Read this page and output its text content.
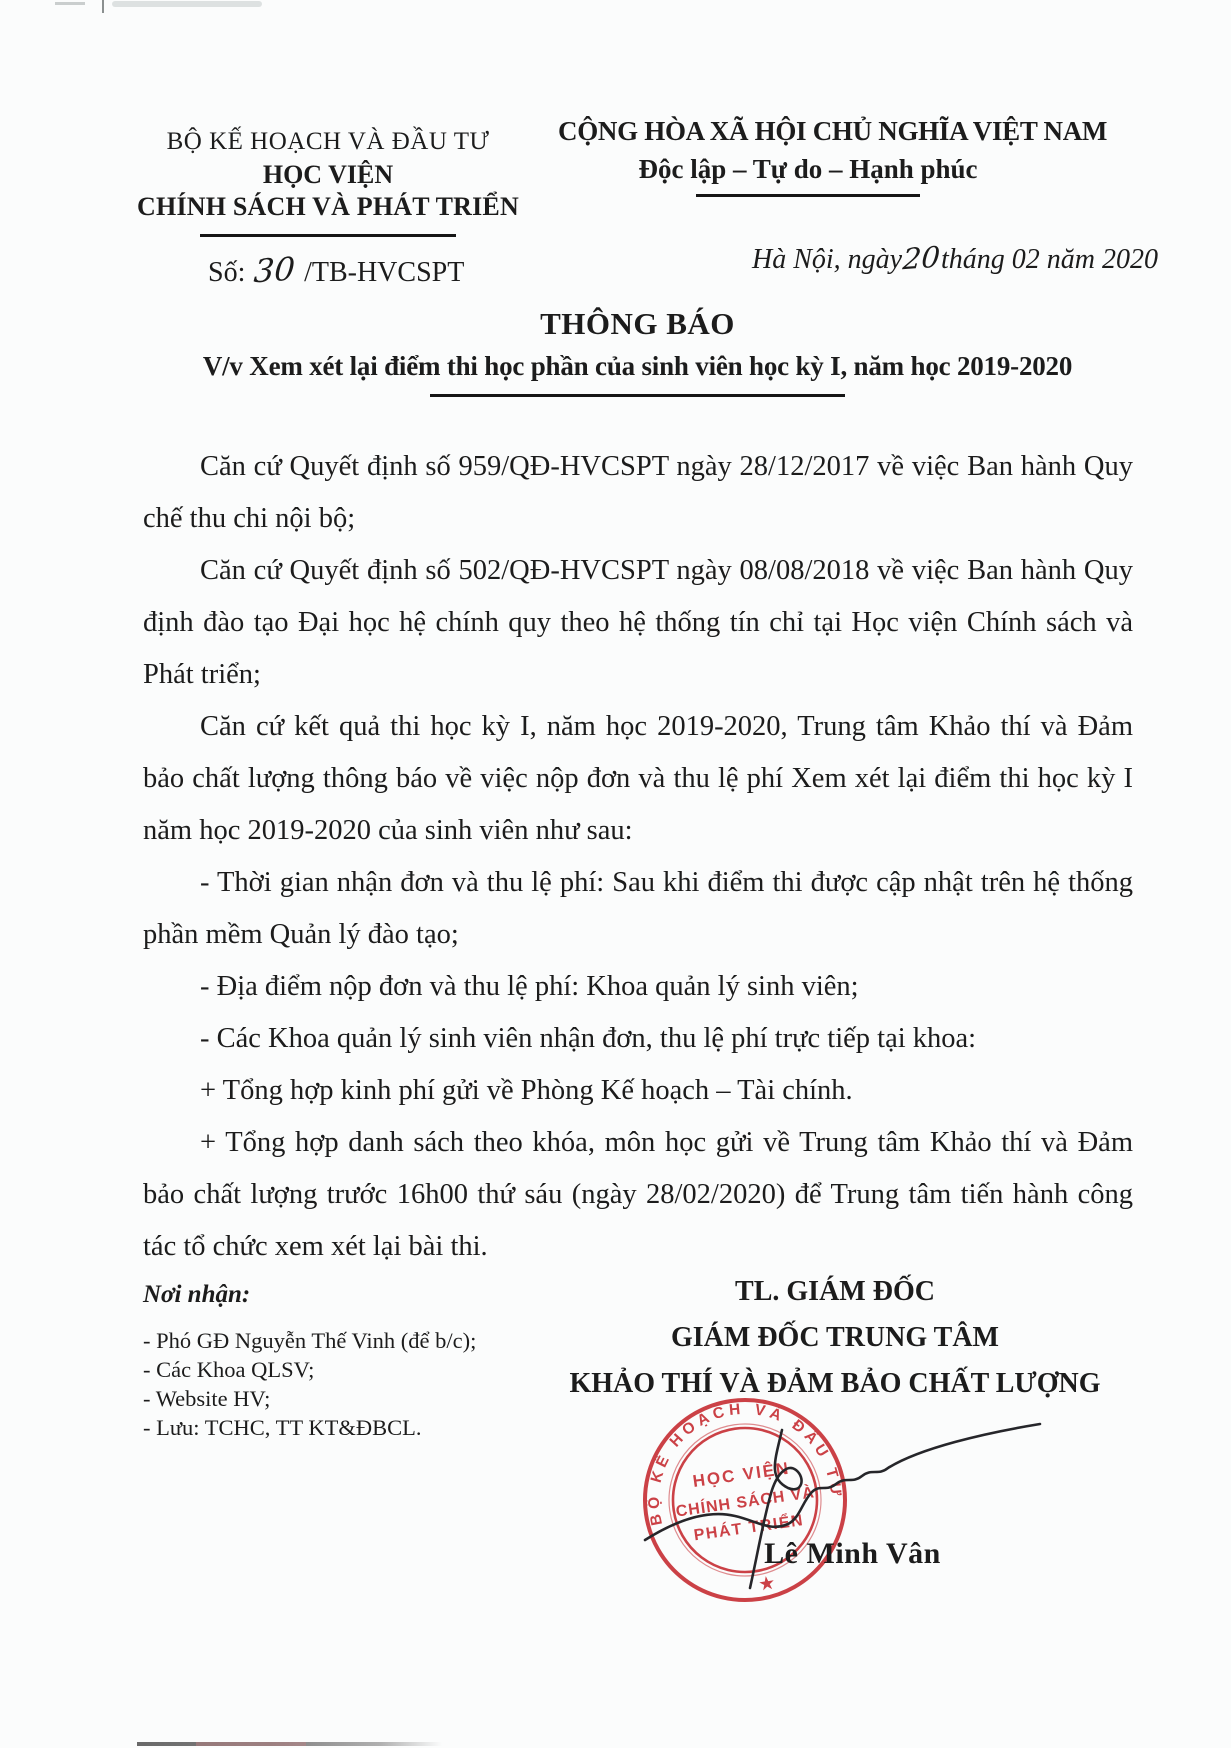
BỘ KẾ HOẠCH VÀ ĐẦU TƯ
HỌC VIỆN
CHÍNH SÁCH VÀ PHÁT TRIỂN
Số: 30 /TB-HVCSPT
CỘNG HÒA XÃ HỘI CHỦ NGHĨA VIỆT NAM
Độc lập – Tự do – Hạnh phúc
Hà Nội, ngày20tháng 02 năm 2020
THÔNG BÁO
V/v Xem xét lại điểm thi học phần của sinh viên học kỳ I, năm học 2019-2020

Căn cứ Quyết định số 959/QĐ-HVCSPT ngày 28/12/2017 về việc Ban hành Quy chế thu chi nội bộ;

Căn cứ Quyết định số 502/QĐ-HVCSPT ngày 08/08/2018 về việc Ban hành Quy định đào tạo Đại học hệ chính quy theo hệ thống tín chỉ tại Học viện Chính sách và Phát triển;

Căn cứ kết quả thi học kỳ I, năm học 2019-2020, Trung tâm Khảo thí và Đảm bảo chất lượng thông báo về việc nộp đơn và thu lệ phí Xem xét lại điểm thi học kỳ I năm học 2019-2020 của sinh viên như sau:

- Thời gian nhận đơn và thu lệ phí: Sau khi điểm thi được cập nhật trên hệ thống phần mềm Quản lý đào tạo;

- Địa điểm nộp đơn và thu lệ phí: Khoa quản lý sinh viên;

- Các Khoa quản lý sinh viên nhận đơn, thu lệ phí trực tiếp tại khoa:

+ Tổng hợp kinh phí gửi về Phòng Kế hoạch – Tài chính.

+ Tổng hợp danh sách theo khóa, môn học gửi về Trung tâm Khảo thí và Đảm bảo chất lượng trước 16h00 thứ sáu (ngày 28/02/2020) để Trung tâm tiến hành công tác tổ chức xem xét lại bài thi.

Nơi nhận:
- Phó GĐ Nguyễn Thế Vinh (để b/c);
- Các Khoa QLSV;
- Website HV;
- Lưu: TCHC, TT KT&ĐBCL.
TL. GIÁM ĐỐC
GIÁM ĐỐC TRUNG TÂM
KHẢO THÍ VÀ ĐẢM BẢO CHẤT LƯỢNG
BỘ KẾ HOẠCH VÀ ĐẦU TƯ
HỌC VIỆN
CHÍNH SÁCH VÀ
PHÁT TRIỂN
★
Lê Minh Vân
